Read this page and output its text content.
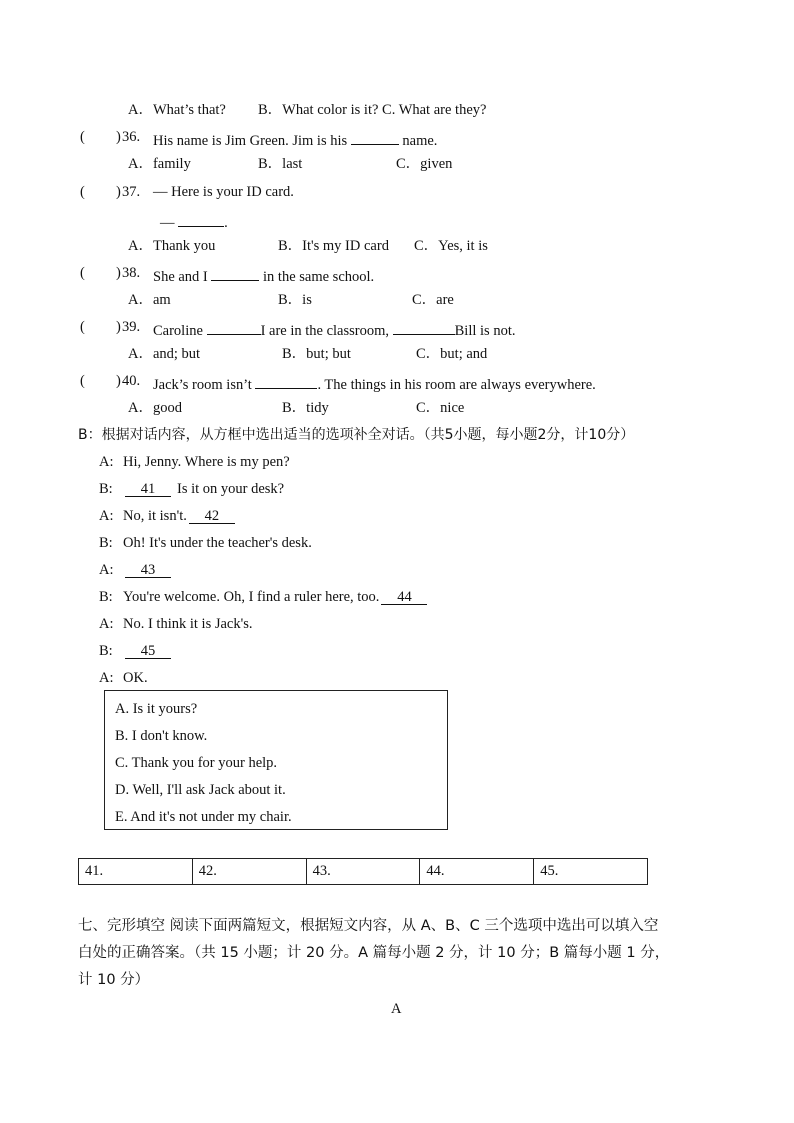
A．What’s that? B．What color is it? C. What are they?
( ) 36. His name is Jim Green. Jim is his	name.
A．family	B．last	C．given
( ) 37. — Here is your ID card.
—	.
A．Thank you	B．It's my ID card C．Yes, it is
( ) 38. She and I	in the same school.
A．am	B．is	C．are
( ) 39. Caroline	I are in the classroom,	Bill is not.
A．and; but	B．but; but	C．but; and
( ) 40. Jack’s room isn’t	. The things in his room are always everywhere.
A．good	B．tidy	C．nice
B：根据对话内容，从方框中选出适当的选项补全对话。（共5小题，每小题2分，计10分）
A: Hi, Jenny. Where is my pen?
B: 41 Is it on your desk?
A: No, it isn't. 42
B: Oh! It's under the teacher's desk.
A: 43
B: You're welcome. Oh, I find a ruler here, too. 44
A: No. I think it is Jack's.
B: 45
A: OK.
A. Is it yours?
B. I don't know.
C. Thank you for your help.
D. Well, I'll ask Jack about it.
E. And it's not under my chair.
41.	42.	43.	44.	45.
七、完形填空 阅读下面两篇短文，根据短文内容，从 A、B、C 三个选项中选出可以填入空
白处的正确答案。（共 15 小题；计 20 分。A 篇每小题 2 分，计 10 分；B 篇每小题 1 分，
计 10 分）
A
